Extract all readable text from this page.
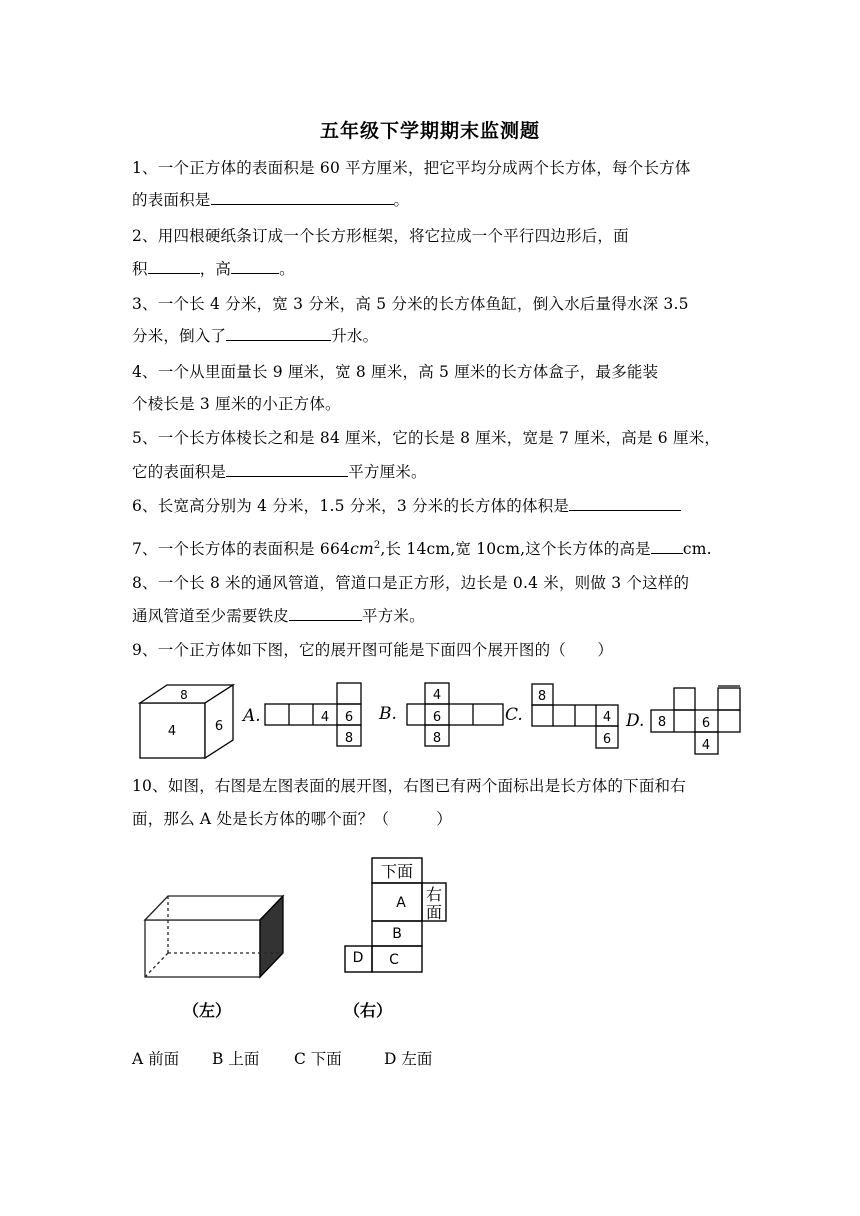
五年级下学期期末监测题
1、一个正方体的表面积是 60 平方厘米，把它平均分成两个长方体，每个长方体
的表面积是	。
2、用四根硬纸条订成一个长方形框架，将它拉成一个平行四边形后，面
积	，高	。
3、一个长 4 分米，宽 3 分米，高 5 分米的长方体鱼缸，倒入水后量得水深 3.5
分米，倒入了	升水。
4、一个从里面量长 9 厘米，宽 8 厘米，高 5 厘米的长方体盒子，最多能装
个棱长是 3 厘米的小正方体。
5、一个长方体棱长之和是 84 厘米，它的长是 8 厘米，宽是 7 厘米，高是 6 厘米，
它的表面积是	平方厘米。
6、长宽高分别为 4 分米，1.5 分米，3 分米的长方体的体积是
7、一个长方体的表面积是 $664cm^2$,长 14cm,宽 10cm,这个长方体的高是 cm.
8、一个长 8 米的通风管道，管道口是正方形，边长是 0.4 米，则做 3 个这样的
通风管道至少需要铁皮	平方米。
9、一个正方体如下图，它的展开图可能是下面四个展开图的（　　）
8
4	6
A.	4 6
8
B.
4
6
8
C.
8
4
6
D. 8	6
4
10、如图，右图是左图表面的展开图，右图已有两个面标出是长方体的下面和右
面，那么 A 处是长方体的哪个面？（　　　）
下面
右
面
A
B
C
D
（左）	（右）
A 前面 B 上面 C 下面	D 左面
